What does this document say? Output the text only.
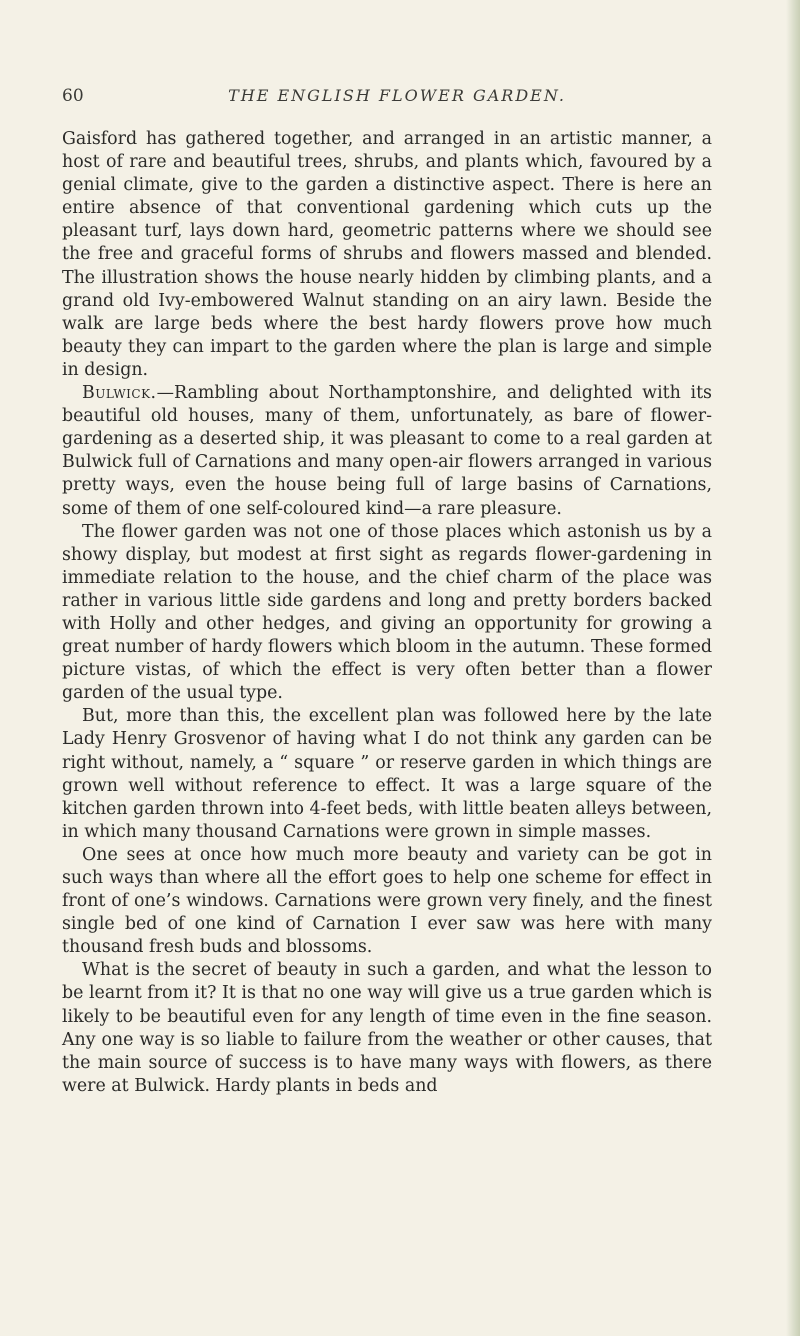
60	THE ENGLISH FLOWER GARDEN.

Gaisford has gathered together, and arranged in an artistic manner, a host of rare and beautiful trees, shrubs, and plants which, favoured by a genial climate, give to the garden a distinctive aspect. There is here an entire absence of that conventional gardening which cuts up the pleasant turf, lays down hard, geometric patterns where we should see the free and graceful forms of shrubs and flowers massed and blended. The illustration shows the house nearly hidden by climbing plants, and a grand old Ivy-embowered Walnut standing on an airy lawn. Beside the walk are large beds where the best hardy flowers prove how much beauty they can impart to the garden where the plan is large and simple in design.

Bulwick.—Rambling about Northamptonshire, and delighted with its beautiful old houses, many of them, unfortunately, as bare of flower-gardening as a deserted ship, it was pleasant to come to a real garden at Bulwick full of Carnations and many open-air flowers arranged in various pretty ways, even the house being full of large basins of Carnations, some of them of one self-coloured kind—a rare pleasure.

The flower garden was not one of those places which astonish us by a showy display, but modest at first sight as regards flower-gardening in immediate relation to the house, and the chief charm of the place was rather in various little side gardens and long and pretty borders backed with Holly and other hedges, and giving an opportunity for growing a great number of hardy flowers which bloom in the autumn. These formed picture vistas, of which the effect is very often better than a flower garden of the usual type.

But, more than this, the excellent plan was followed here by the late Lady Henry Grosvenor of having what I do not think any garden can be right without, namely, a “ square ” or reserve garden in which things are grown well without reference to effect. It was a large square of the kitchen garden thrown into 4-feet beds, with little beaten alleys between, in which many thousand Carnations were grown in simple masses.

One sees at once how much more beauty and variety can be got in such ways than where all the effort goes to help one scheme for effect in front of one’s windows. Carnations were grown very finely, and the finest single bed of one kind of Carnation I ever saw was here with many thousand fresh buds and blossoms.

What is the secret of beauty in such a garden, and what the lesson to be learnt from it? It is that no one way will give us a true garden which is likely to be beautiful even for any length of time even in the fine season. Any one way is so liable to failure from the weather or other causes, that the main source of success is to have many ways with flowers, as there were at Bulwick. Hardy plants in beds and
